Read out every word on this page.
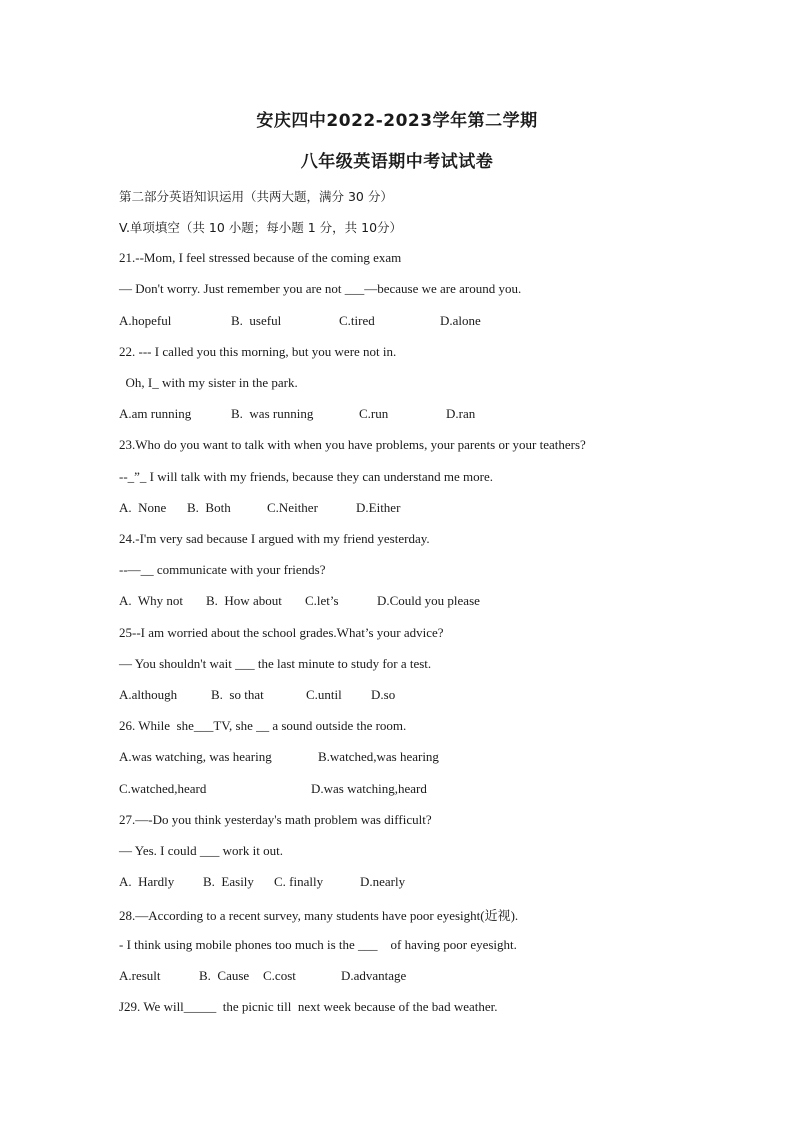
安庆四中2022-2023学年第二学期
八年级英语期中考试试卷
第二部分英语知识运用（共两大题，满分 30 分）
V.单项填空（共 10 小题；每小题 1 分，共 10分）
21.--Mom, I feel stressed because of the coming exam
— Don't worry. Just remember you are not ___—because we are around you.
A.hopeful	B.  useful	C.tired	D.alone
22. --- I called you this morning, but you were not in.
Oh, I_ with my sister in the park.
A.am running	B.  was running	C.run	D.ran
23.Who do you want to talk with when you have problems, your parents or your teathers?
--_”_ I will talk with my friends, because they can understand me more.
A.  None B.  Both	C.Neither	D.Either
24.-I'm very sad because I argued with my friend yesterday.
--—__ communicate with your friends?
A.  Why not B.  How about C.let’s	D.Could you please
25--I am worried about the school grades.What’s your advice?
— You shouldn't wait ___ the last minute to study for a test.
A.although	B.  so that	C.until D.so
26. While  she___TV, she __ a sound outside the room.
A.was watching, was hearing	B.watched,was hearing
C.watched,heard	D.was watching,heard
27.—-Do you think yesterday's math problem was difficult?
— Yes. I could ___ work it out.
A.  Hardly B.  Easily C. finally	D.nearly
28.—According to a recent survey, many students have poor eyesight(近视).
- I think using mobile phones too much is the ___    of having poor eyesight.
A.result	B.  Cause C.cost	D.advantage
J29. We will_____  the picnic till  next week because of the bad weather.
